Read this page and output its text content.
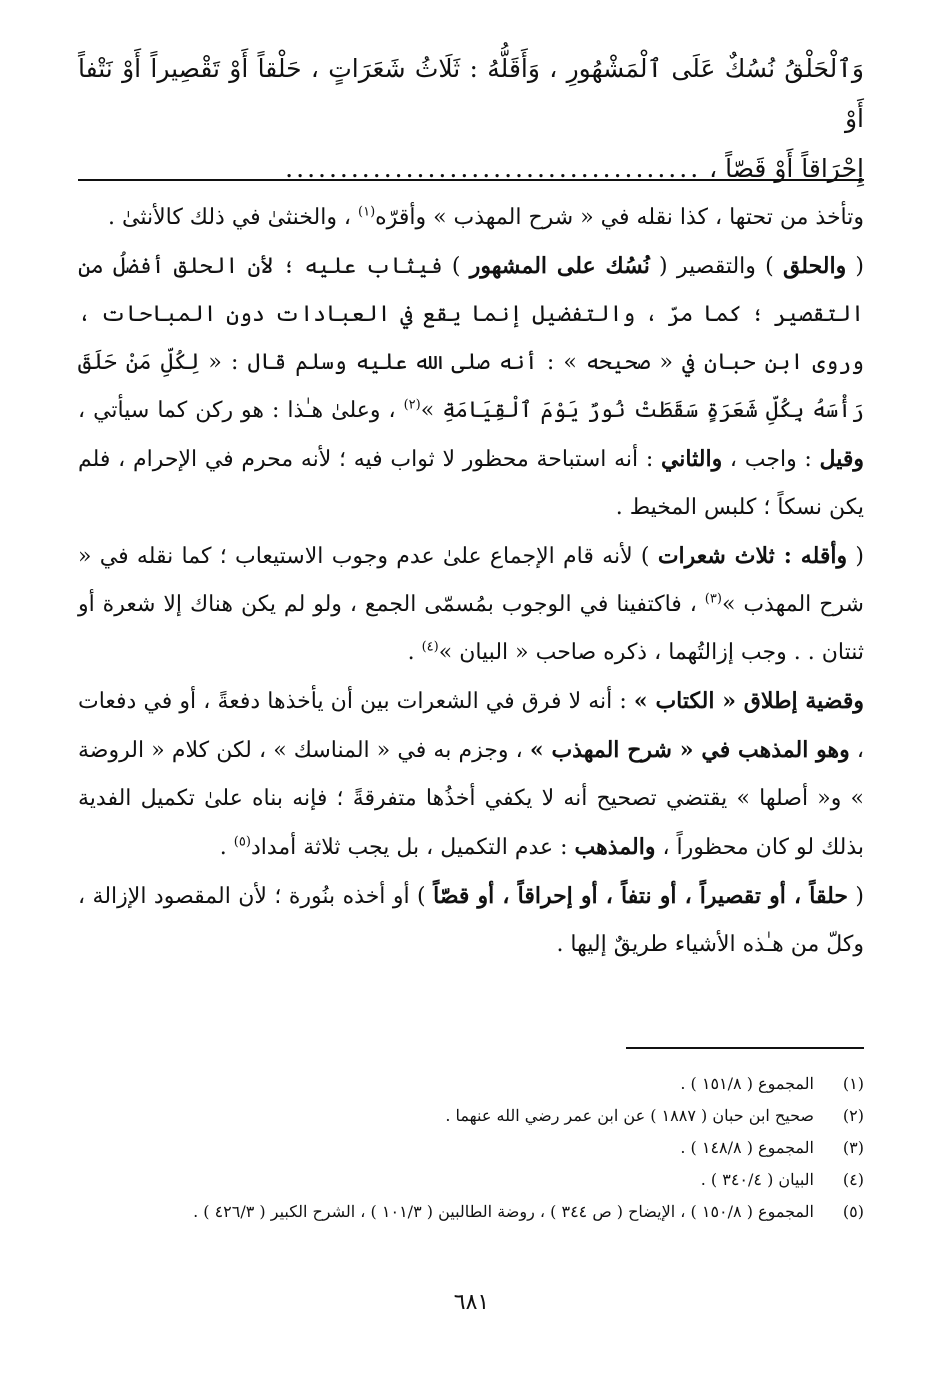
وَٱلْحَلْقُ نُسُكٌ عَلَى ٱلْمَشْهُورِ ، وَأَقَلُّهُ : ثَلَاثُ شَعَرَاتٍ ، حَلْقاً أَوْ تَقْصِيراً أَوْ نَتْفاً أَوْ
إِحْرَاقاً أَوْ قَصّاً ، ......................................

وتأخذ من تحتها ، كذا نقله في « شرح المهذب » وأقرّه$^{(١)}$ ، والخنثىٰ في ذلك كالأنثىٰ .

( والحلق ) والتقصير ( نُسُك على المشهور ) فيثاب عليه ؛ لأن الحلق أفضلُ من التقصير ؛ كما مرّ ، والتفضيل إنما يقع في العبادات دون المباحات ، وروى ابن حبان في « صحيحه » : أنه صلى الله عليه وسلم قال : « لِكُلِّ مَنْ حَلَقَ رَأْسَهُ بِكُلِّ شَعَرَةٍ سَقَطَتْ نُورٌ يَوْمَ ٱلْقِيَامَةِ »$^{(٢)}$ ، وعلىٰ هـٰذا : هو ركن كما سيأتي ، وقيل : واجب ، والثاني : أنه استباحة محظور لا ثواب فيه ؛ لأنه محرم في الإحرام ، فلم يكن نسكاً ؛ كلبس المخيط .

( وأقله : ثلاث شعرات ) لأنه قام الإجماع علىٰ عدم وجوب الاستيعاب ؛ كما نقله في « شرح المهذب »$^{(٣)}$ ، فاكتفينا في الوجوب بمُسمّى الجمع ، ولو لم يكن هناك إلا شعرة أو ثنتان . . وجب إزالتُهما ، ذكره صاحب « البيان »$^{(٤)}$ .

وقضية إطلاق « الكتاب » : أنه لا فرق في الشعرات بين أن يأخذها دفعةً ، أو في دفعات ، وهو المذهب في « شرح المهذب » ، وجزم به في « المناسك » ، لكن كلام « الروضة » و« أصلها » يقتضي تصحيح أنه لا يكفي أخذُها متفرقةً ؛ فإنه بناه علىٰ تكميل الفدية بذلك لو كان محظوراً ، والمذهب : عدم التكميل ، بل يجب ثلاثة أمداد$^{(٥)}$ .

( حلقاً ، أو تقصيراً ، أو نتفاً ، أو إحراقاً ، أو قصّاً ) أو أخذه بنُورة ؛ لأن المقصود الإزالة ، وكلّ من هـٰذه الأشياء طريقٌ إليها .

(١)
المجموع ( ١٥١/٨ ) .
(٢)
صحيح ابن حبان ( ١٨٨٧ ) عن ابن عمر رضي الله عنهما .
(٣)
المجموع ( ١٤٨/٨ ) .
(٤)
البيان ( ٣٤٠/٤ ) .
(٥)
المجموع ( ١٥٠/٨ ) ، الإيضاح ( ص ٣٤٤ ) ، روضة الطالبين ( ١٠١/٣ ) ، الشرح الكبير ( ٤٢٦/٣ ) .
٦٨١
